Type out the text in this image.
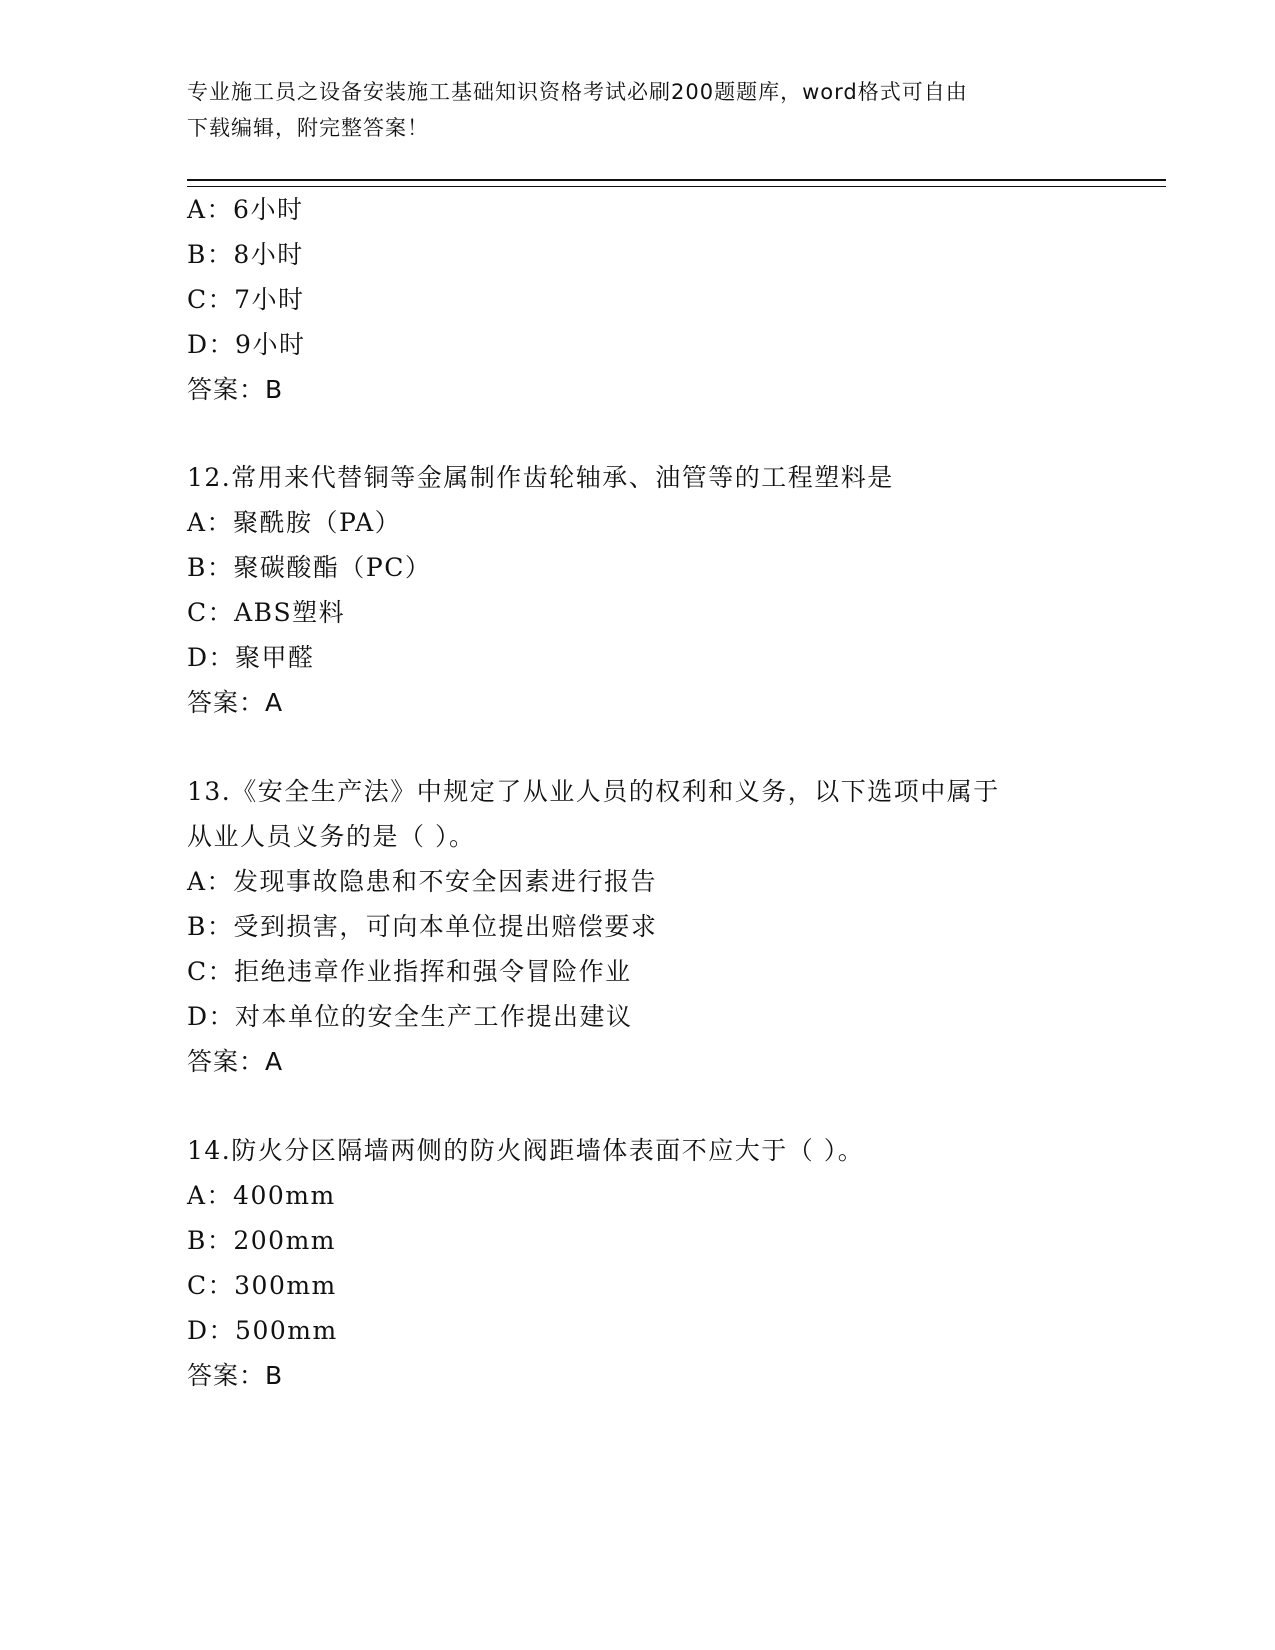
专业施工员之设备安装施工基础知识资格考试必刷200题题库，word格式可自由
下载编辑，附完整答案！
A：6小时
B：8小时
C：7小时
D：9小时
答案：B
12.常用来代替铜等金属制作齿轮轴承、油管等的工程塑料是
A：聚酰胺（PA）
B：聚碳酸酯（PC）
C：ABS塑料
D：聚甲醛
答案：A
13.《安全生产法》中规定了从业人员的权利和义务，以下选项中属于
从业人员义务的是（ ）。
A：发现事故隐患和不安全因素进行报告
B：受到损害，可向本单位提出赔偿要求
C：拒绝违章作业指挥和强令冒险作业
D：对本单位的安全生产工作提出建议
答案：A
14.防火分区隔墙两侧的防火阀距墙体表面不应大于（ ）。
A：400mm
B：200mm
C：300mm
D：500mm
答案：B
